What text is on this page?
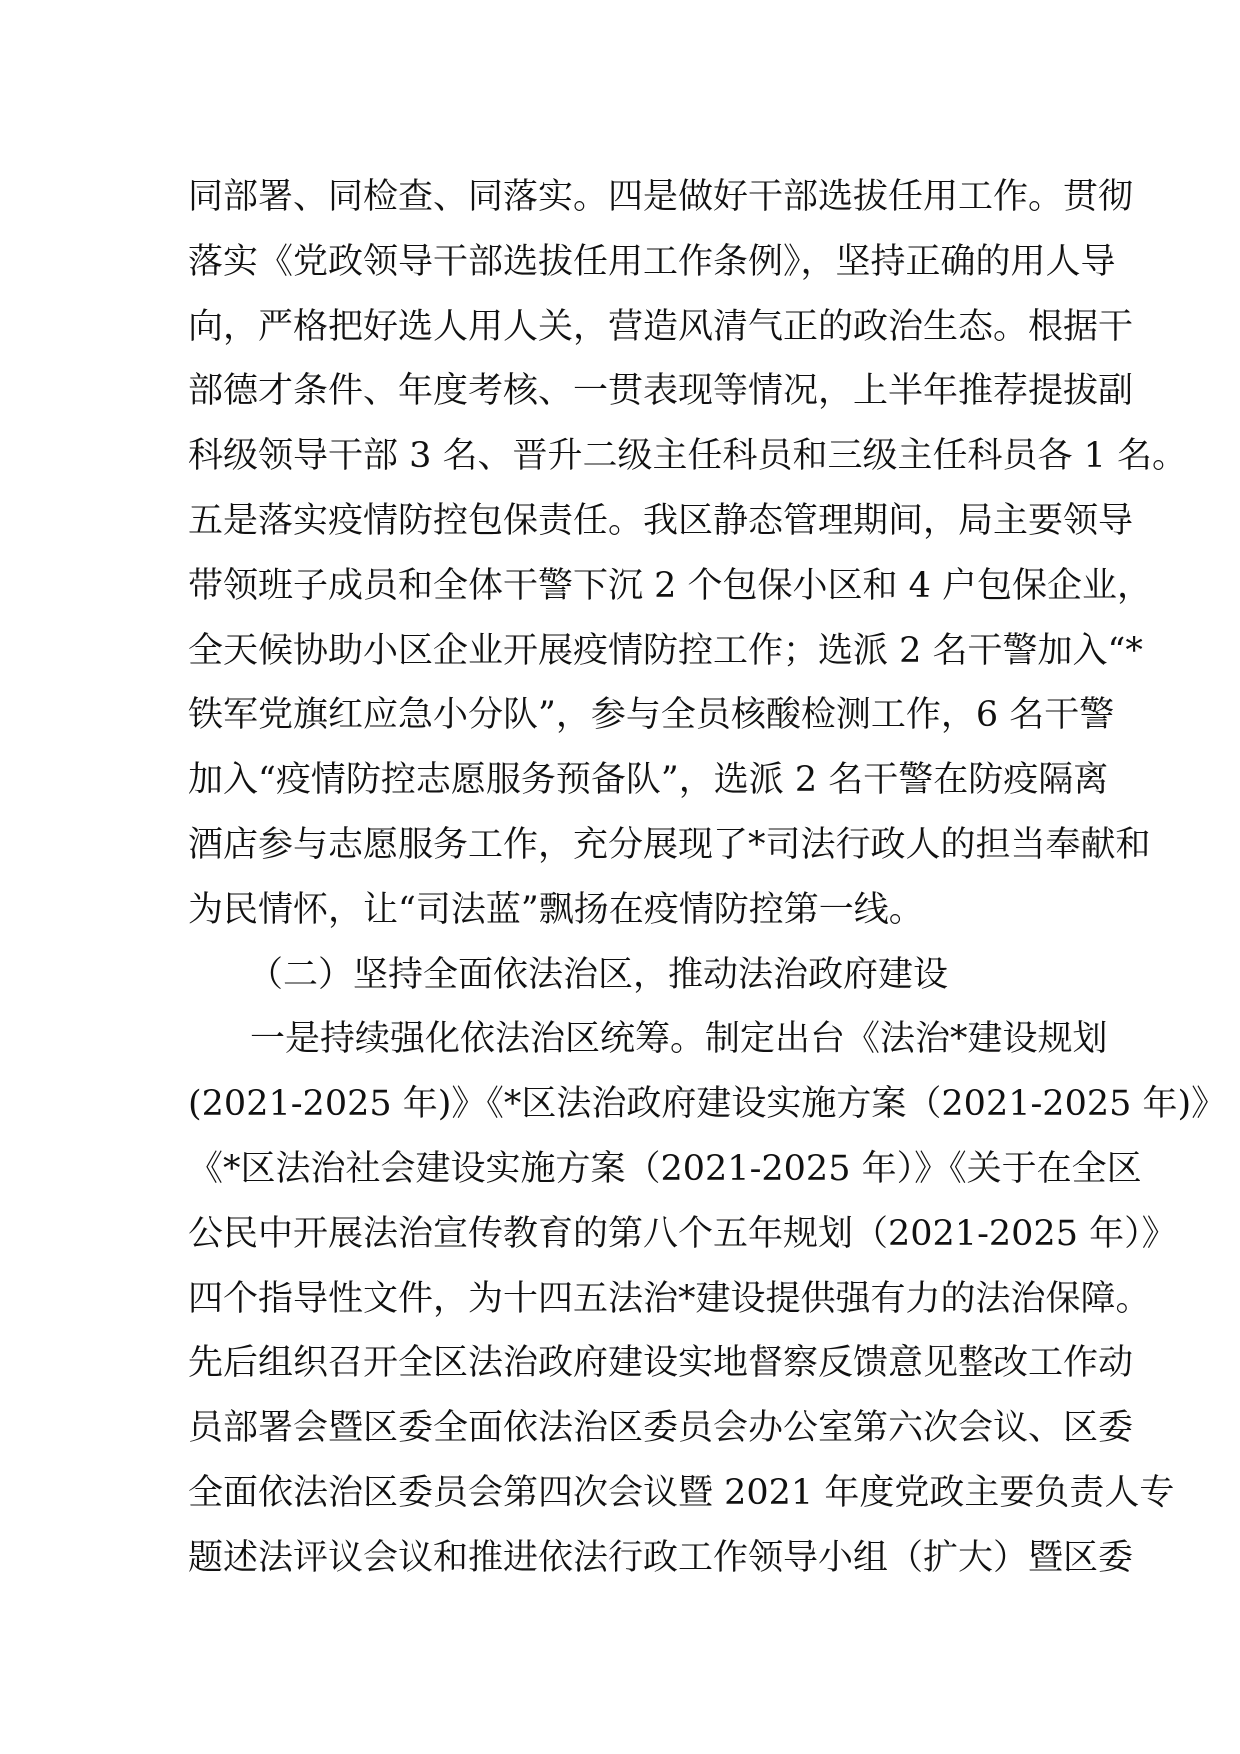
同部署、同检查、同落实。四是做好干部选拔任用工作。贯彻
落实《党政领导干部选拔任用工作条例》，坚持正确的用人导
向，严格把好选人用人关，营造风清气正的政治生态。根据干
部德才条件、年度考核、一贯表现等情况，上半年推荐提拔副
科级领导干部 3 名、晋升二级主任科员和三级主任科员各 1 名。
五是落实疫情防控包保责任。我区静态管理期间，局主要领导
带领班子成员和全体干警下沉 2 个包保小区和 4 户包保企业，
全天候协助小区企业开展疫情防控工作；选派 2 名干警加入“*
铁军党旗红应急小分队”，参与全员核酸检测工作，6 名干警
加入“疫情防控志愿服务预备队”，选派 2 名干警在防疫隔离
酒店参与志愿服务工作，充分展现了*司法行政人的担当奉献和
为民情怀，让“司法蓝”飘扬在疫情防控第一线。
（二）坚持全面依法治区，推动法治政府建设
一是持续强化依法治区统筹。制定出台《法治*建设规划
(2021-2025 年)》《*区法治政府建设实施方案（2021-2025 年)》
《*区法治社会建设实施方案（2021-2025 年）》《关于在全区
公民中开展法治宣传教育的第八个五年规划（2021-2025 年）》
四个指导性文件，为十四五法治*建设提供强有力的法治保障。
先后组织召开全区法治政府建设实地督察反馈意见整改工作动
员部署会暨区委全面依法治区委员会办公室第六次会议、区委
全面依法治区委员会第四次会议暨 2021 年度党政主要负责人专
题述法评议会议和推进依法行政工作领导小组（扩大）暨区委
